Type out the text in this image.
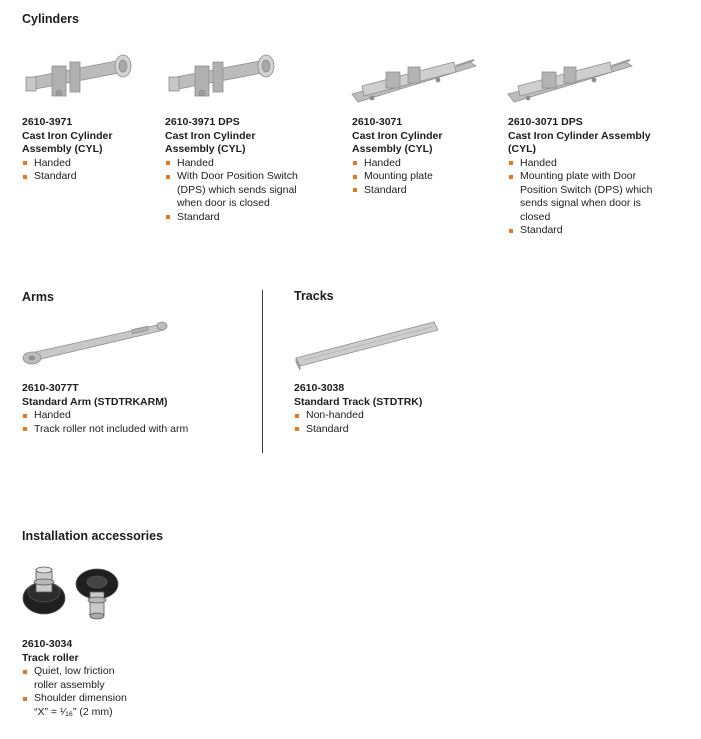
Cylinders
Arms	Tracks
Installation accessories

2610-3971

Cast Iron Cylinder Assembly (CYL)

Handed
Standard

2610-3971 DPS

Cast Iron Cylinder Assembly (CYL)

Handed
With Door Position Switch (DPS) which sends signal when door is closed
Standard

2610-3071

Cast Iron Cylinder Assembly (CYL)

Handed
Mounting plate
Standard

2610-3071 DPS

Cast Iron Cylinder Assembly (CYL)

Handed
Mounting plate with Door Position Switch (DPS) which sends signal when door is closed
Standard

2610-3077T

Standard Arm (STDTRKARM)

Handed
Track roller not included with arm

2610-3038

Standard Track (STDTRK)

Non-handed
Standard

2610-3034

Track roller

Quiet, low friction roller assembly
Shoulder dimension “X” = ¹⁄₁₆” (2 mm)
